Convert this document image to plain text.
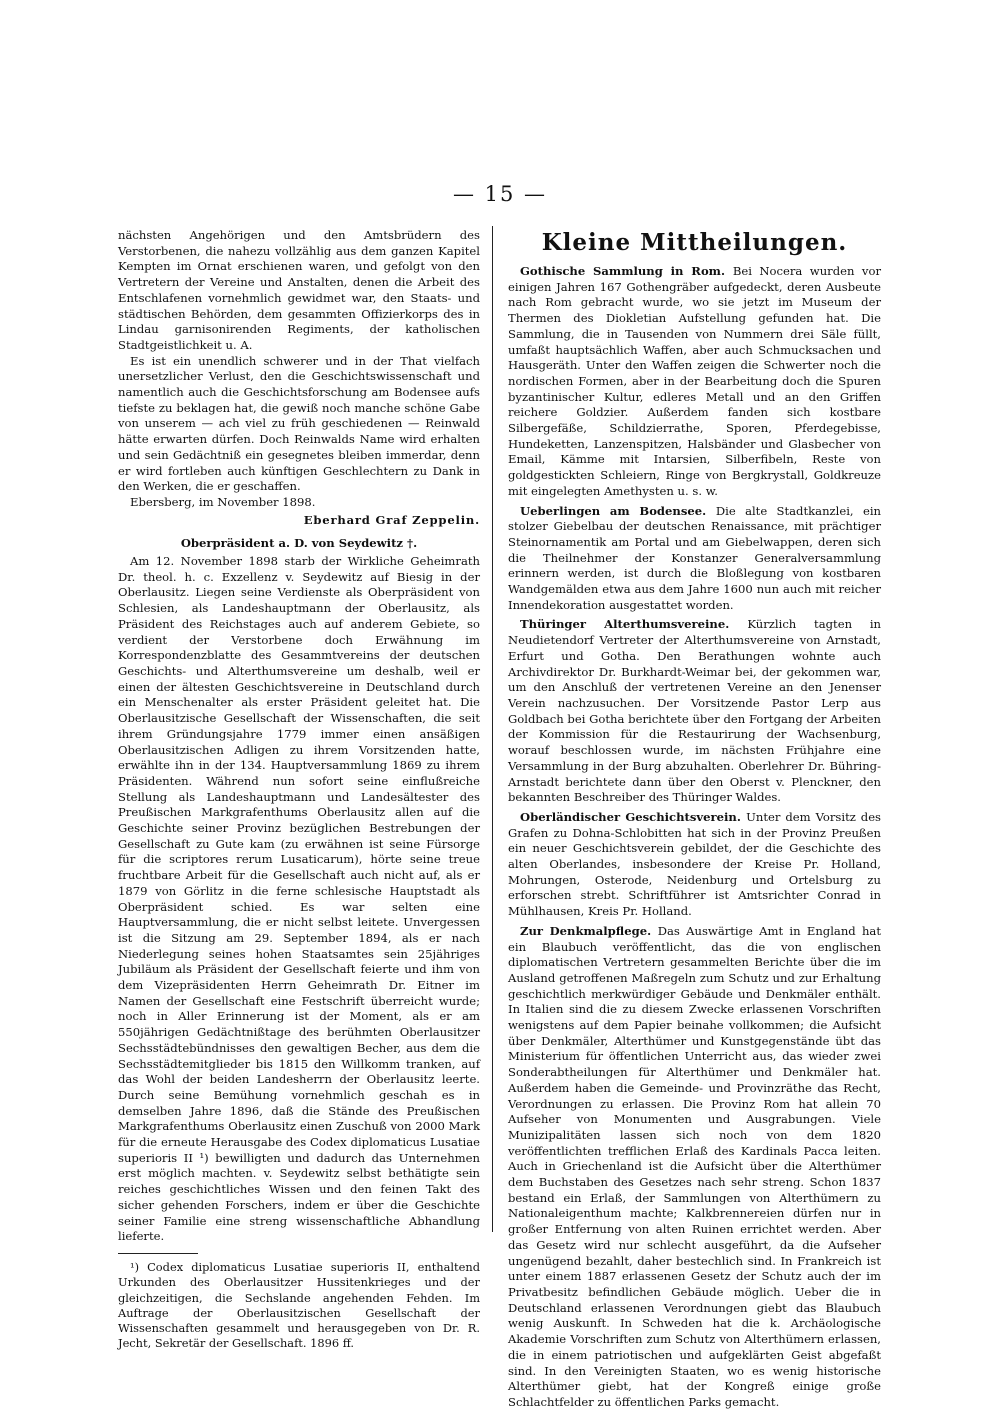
— 15 —

nächsten Angehörigen und den Amtsbrüdern des Verstorbenen, die nahezu vollzählig aus dem ganzen Kapitel Kempten im Ornat erschienen waren, und gefolgt von den Vertretern der Vereine und Anstalten, denen die Arbeit des Entschlafenen vornehmlich gewidmet war, den Staats- und städtischen Behörden, dem gesammten Offizierkorps des in Lindau garnisonirenden Regiments, der katholischen Stadtgeistlichkeit u. A.

Es ist ein unendlich schwerer und in der That vielfach unersetzlicher Verlust, den die Geschichtswissenschaft und namentlich auch die Geschichtsforschung am Bodensee aufs tiefste zu beklagen hat, die gewiß noch manche schöne Gabe von unserem — ach viel zu früh geschiedenen — Reinwald hätte erwarten dürfen. Doch Reinwalds Name wird erhalten und sein Gedächtniß ein gesegnetes bleiben immerdar, denn er wird fortleben auch künftigen Geschlechtern zu Dank in den Werken, die er geschaffen.

Ebersberg, im November 1898.

Eberhard Graf Zeppelin.
Oberpräsident a. D. von Seydewitz †.

Am 12. November 1898 starb der Wirkliche Geheimrath Dr. theol. h. c. Exzellenz v. Seydewitz auf Biesig in der Oberlausitz. Liegen seine Verdienste als Oberpräsident von Schlesien, als Landeshauptmann der Oberlausitz, als Präsident des Reichstages auch auf anderem Gebiete, so verdient der Verstorbene doch Erwähnung im Korrespondenzblatte des Gesammtvereins der deutschen Geschichts- und Alterthumsvereine um deshalb, weil er einen der ältesten Geschichtsvereine in Deutschland durch ein Menschenalter als erster Präsident geleitet hat. Die Oberlausitzische Gesellschaft der Wissenschaften, die seit ihrem Gründungsjahre 1779 immer einen ansäßigen Oberlausitzischen Adligen zu ihrem Vorsitzenden hatte, erwählte ihn in der 134. Hauptversammlung 1869 zu ihrem Präsidenten. Während nun sofort seine einflußreiche Stellung als Landeshauptmann und Landesältester des Preußischen Markgrafenthums Oberlausitz allen auf die Geschichte seiner Provinz bezüglichen Bestrebungen der Gesellschaft zu Gute kam (zu erwähnen ist seine Fürsorge für die scriptores rerum Lusaticarum), hörte seine treue fruchtbare Arbeit für die Gesellschaft auch nicht auf, als er 1879 von Görlitz in die ferne schlesische Hauptstadt als Oberpräsident schied. Es war selten eine Hauptversammlung, die er nicht selbst leitete. Unvergessen ist die Sitzung am 29. September 1894, als er nach Niederlegung seines hohen Staatsamtes sein 25jähriges Jubiläum als Präsident der Gesellschaft feierte und ihm von dem Vizepräsidenten Herrn Geheimrath Dr. Eitner im Namen der Gesellschaft eine Festschrift überreicht wurde; noch in Aller Erinnerung ist der Moment, als er am 550jährigen Gedächtnißtage des berühmten Oberlausitzer Sechsstädtebündnisses den gewaltigen Becher, aus dem die Sechsstädtemitglieder bis 1815 den Willkomm tranken, auf das Wohl der beiden Landesherrn der Oberlausitz leerte. Durch seine Bemühung vornehmlich geschah es in demselben Jahre 1896, daß die Stände des Preußischen Markgrafenthums Oberlausitz einen Zuschuß von 2000 Mark für die erneute Herausgabe des Codex diplomaticus Lusatiae superioris II ¹) bewilligten und dadurch das Unternehmen erst möglich machten. v. Seydewitz selbst bethätigte sein reiches geschichtliches Wissen und den feinen Takt des sicher gehenden Forschers, indem er über die Geschichte seiner Familie eine streng wissenschaftliche Abhandlung lieferte.

¹) Codex diplomaticus Lusatiae superioris II, enthaltend Urkunden des Oberlausitzer Hussitenkrieges und der gleichzeitigen, die Sechslande angehenden Fehden. Im Auftrage der Oberlausitzischen Gesellschaft der Wissenschaften gesammelt und herausgegeben von Dr. R. Jecht, Sekretär der Gesellschaft. 1896 ff.

Kleine Mittheilungen.

Gothische Sammlung in Rom. Bei Nocera wurden vor einigen Jahren 167 Gothengräber aufgedeckt, deren Ausbeute nach Rom gebracht wurde, wo sie jetzt im Museum der Thermen des Diokletian Aufstellung gefunden hat. Die Sammlung, die in Tausenden von Nummern drei Säle füllt, umfaßt hauptsächlich Waffen, aber auch Schmucksachen und Hausgeräth. Unter den Waffen zeigen die Schwerter noch die nordischen Formen, aber in der Bearbeitung doch die Spuren byzantinischer Kultur, edleres Metall und an den Griffen reichere Goldzier. Außerdem fanden sich kostbare Silbergefäße, Schildzierrathe, Sporen, Pferdegebisse, Hundeketten, Lanzenspitzen, Halsbänder und Glasbecher von Email, Kämme mit Intarsien, Silberfibeln, Reste von goldgestickten Schleiern, Ringe von Bergkrystall, Goldkreuze mit eingelegten Amethysten u. s. w.

Ueberlingen am Bodensee. Die alte Stadtkanzlei, ein stolzer Giebelbau der deutschen Renaissance, mit prächtiger Steinornamentik am Portal und am Giebelwappen, deren sich die Theilnehmer der Konstanzer Generalversammlung erinnern werden, ist durch die Bloßlegung von kostbaren Wandgemälden etwa aus dem Jahre 1600 nun auch mit reicher Innendekoration ausgestattet worden.

Thüringer Alterthumsvereine. Kürzlich tagten in Neudietendorf Vertreter der Alterthumsvereine von Arnstadt, Erfurt und Gotha. Den Berathungen wohnte auch Archivdirektor Dr. Burkhardt-Weimar bei, der gekommen war, um den Anschluß der vertretenen Vereine an den Jenenser Verein nachzusuchen. Der Vorsitzende Pastor Lerp aus Goldbach bei Gotha berichtete über den Fortgang der Arbeiten der Kommission für die Restaurirung der Wachsenburg, worauf beschlossen wurde, im nächsten Frühjahre eine Versammlung in der Burg abzuhalten. Oberlehrer Dr. Bühring-Arnstadt berichtete dann über den Oberst v. Plenckner, den bekannten Beschreiber des Thüringer Waldes.

Oberländischer Geschichtsverein. Unter dem Vorsitz des Grafen zu Dohna-Schlobitten hat sich in der Provinz Preußen ein neuer Geschichtsverein gebildet, der die Geschichte des alten Oberlandes, insbesondere der Kreise Pr. Holland, Mohrungen, Osterode, Neidenburg und Ortelsburg zu erforschen strebt. Schriftführer ist Amtsrichter Conrad in Mühlhausen, Kreis Pr. Holland.

Zur Denkmalpflege. Das Auswärtige Amt in England hat ein Blaubuch veröffentlicht, das die von englischen diplomatischen Vertretern gesammelten Berichte über die im Ausland getroffenen Maßregeln zum Schutz und zur Erhaltung geschichtlich merkwürdiger Gebäude und Denkmäler enthält. In Italien sind die zu diesem Zwecke erlassenen Vorschriften wenigstens auf dem Papier beinahe vollkommen; die Aufsicht über Denkmäler, Alterthümer und Kunstgegenstände übt das Ministerium für öffentlichen Unterricht aus, das wieder zwei Sonderabtheilungen für Alterthümer und Denkmäler hat. Außerdem haben die Gemeinde- und Provinzräthe das Recht, Verordnungen zu erlassen. Die Provinz Rom hat allein 70 Aufseher von Monumenten und Ausgrabungen. Viele Munizipalitäten lassen sich noch von dem 1820 veröffentlichten trefflichen Erlaß des Kardinals Pacca leiten. Auch in Griechenland ist die Aufsicht über die Alterthümer dem Buchstaben des Gesetzes nach sehr streng. Schon 1837 bestand ein Erlaß, der Sammlungen von Alterthümern zu Nationaleigenthum machte; Kalkbrennereien dürfen nur in großer Entfernung von alten Ruinen errichtet werden. Aber das Gesetz wird nur schlecht ausgeführt, da die Aufseher ungenügend bezahlt, daher bestechlich sind. In Frankreich ist unter einem 1887 erlassenen Gesetz der Schutz auch der im Privatbesitz befindlichen Gebäude möglich. Ueber die in Deutschland erlassenen Verordnungen giebt das Blaubuch wenig Auskunft. In Schweden hat die k. Archäologische Akademie Vorschriften zum Schutz von Alterthümern erlassen, die in einem patriotischen und aufgeklärten Geist abgefaßt sind. In den Vereinigten Staaten, wo es wenig historische Alterthümer giebt, hat der Kongreß einige große Schlachtfelder zu öffentlichen Parks gemacht.
